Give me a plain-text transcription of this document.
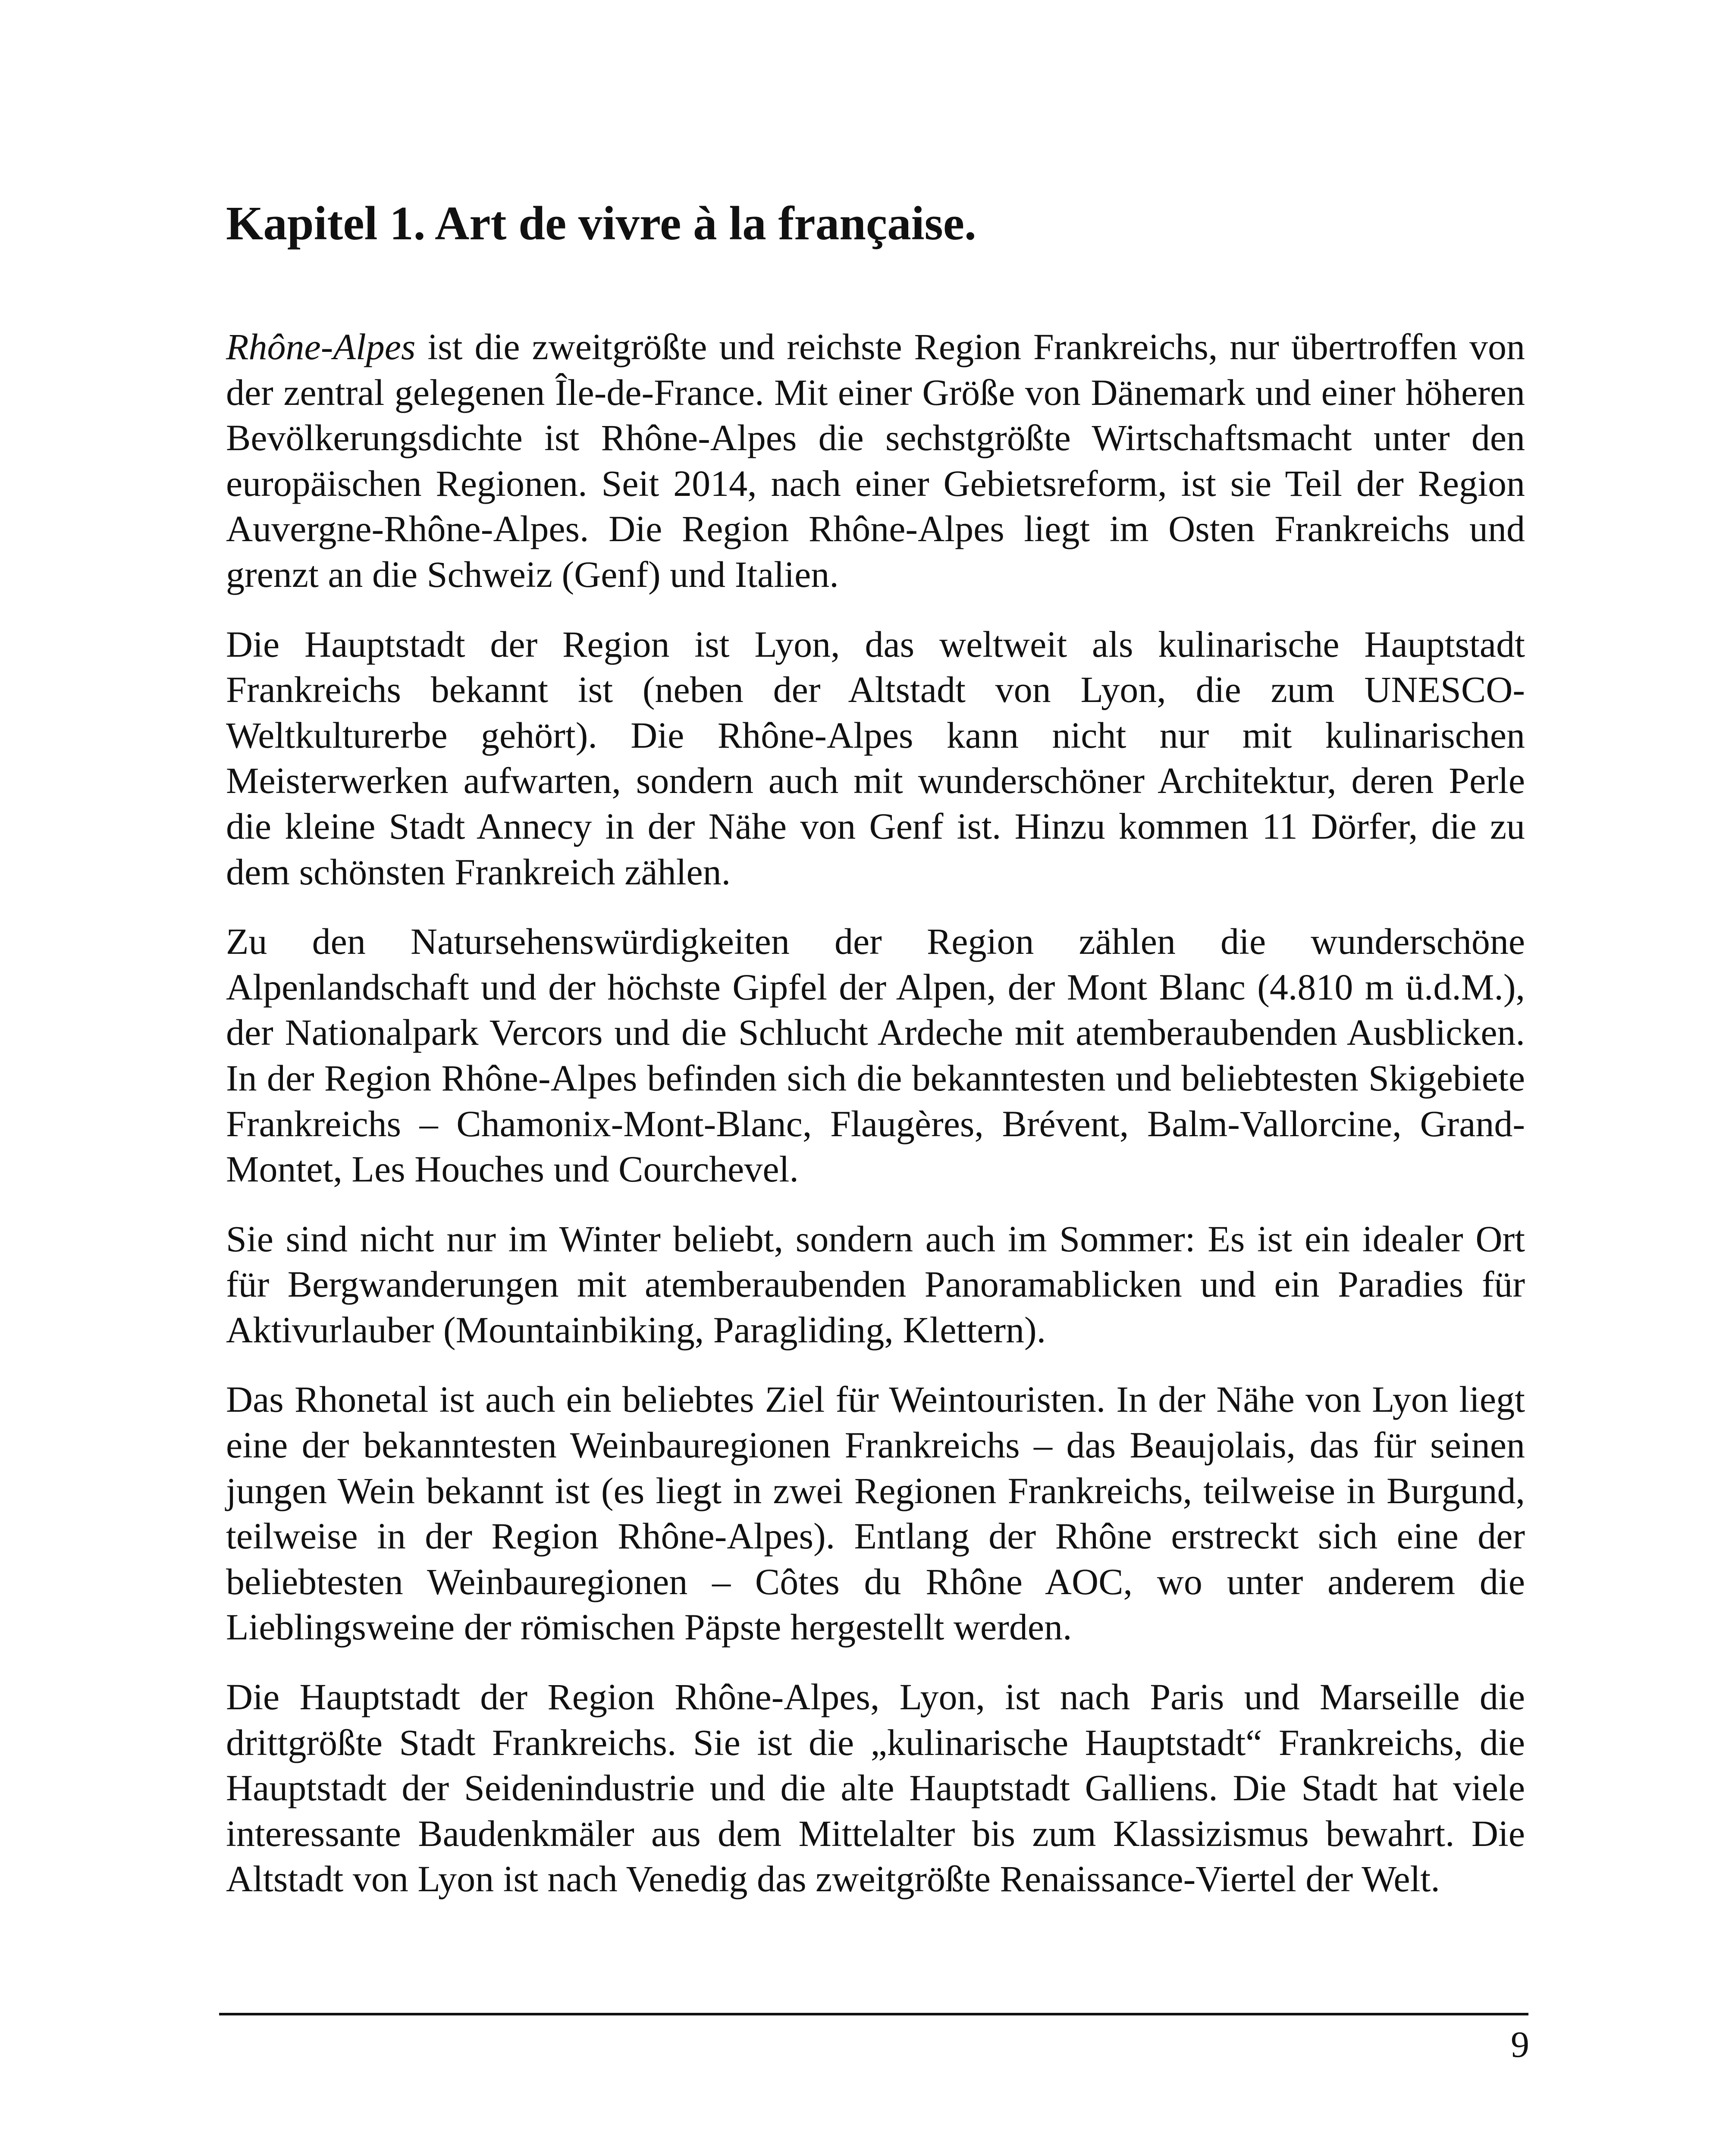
Kapitel 1. Art de vivre à la française.

Rhône-Alpes ist die zweitgrößte und reichste Region Frankreichs, nur übertroffen von der zentral gelegenen Île-de-France. Mit einer Größe von Dänemark und einer höheren Bevölkerungsdichte ist Rhône-Alpes die sechstgrößte Wirtschaftsmacht unter den europäischen Regionen. Seit 2014, nach einer Gebietsreform, ist sie Teil der Region Auvergne-Rhône-Alpes. Die Region Rhône-Alpes liegt im Osten Frankreichs und grenzt an die Schweiz (Genf) und Italien.

Die Hauptstadt der Region ist Lyon, das weltweit als kulinarische Hauptstadt Frankreichs bekannt ist (neben der Altstadt von Lyon, die zum UNESCO-Weltkulturerbe gehört). Die Rhône-Alpes kann nicht nur mit kulinarischen Meisterwerken aufwarten, sondern auch mit wunderschöner Architektur, deren Perle die kleine Stadt Annecy in der Nähe von Genf ist. Hinzu kommen 11 Dörfer, die zu dem schönsten Frankreich zählen.

Zu den Natursehenswürdigkeiten der Region zählen die wunderschöne Alpenlandschaft und der höchste Gipfel der Alpen, der Mont Blanc (4.810 m ü.d.M.), der Nationalpark Vercors und die Schlucht Ardeche mit atemberaubenden Ausblicken. In der Region Rhône-Alpes befinden sich die bekanntesten und beliebtesten Skigebiete Frankreichs – Chamonix-Mont-Blanc, Flaugères, Brévent, Balm-Vallorcine, Grand-Montet, Les Houches und Courchevel.

Sie sind nicht nur im Winter beliebt, sondern auch im Sommer: Es ist ein idealer Ort für Bergwanderungen mit atemberaubenden Panoramablicken und ein Paradies für Aktivurlauber (Mountainbiking, Paragliding, Klettern).

Das Rhonetal ist auch ein beliebtes Ziel für Weintouristen. In der Nähe von Lyon liegt eine der bekanntesten Weinbauregionen Frankreichs – das Beaujolais, das für seinen jungen Wein bekannt ist (es liegt in zwei Regionen Frankreichs, teilweise in Burgund, teilweise in der Region Rhône-Alpes). Entlang der Rhône erstreckt sich eine der beliebtesten Weinbauregionen – Côtes du Rhône AOC, wo unter anderem die Lieblingsweine der römischen Päpste hergestellt werden.

Die Hauptstadt der Region Rhône-Alpes, Lyon, ist nach Paris und Marseille die drittgrößte Stadt Frankreichs. Sie ist die „kulinarische Hauptstadt“ Frankreichs, die Hauptstadt der Seidenindustrie und die alte Hauptstadt Galliens. Die Stadt hat viele interessante Baudenkmäler aus dem Mittelalter bis zum Klassizismus bewahrt. Die Altstadt von Lyon ist nach Venedig das zweitgrößte Renaissance-Viertel der Welt.

9
